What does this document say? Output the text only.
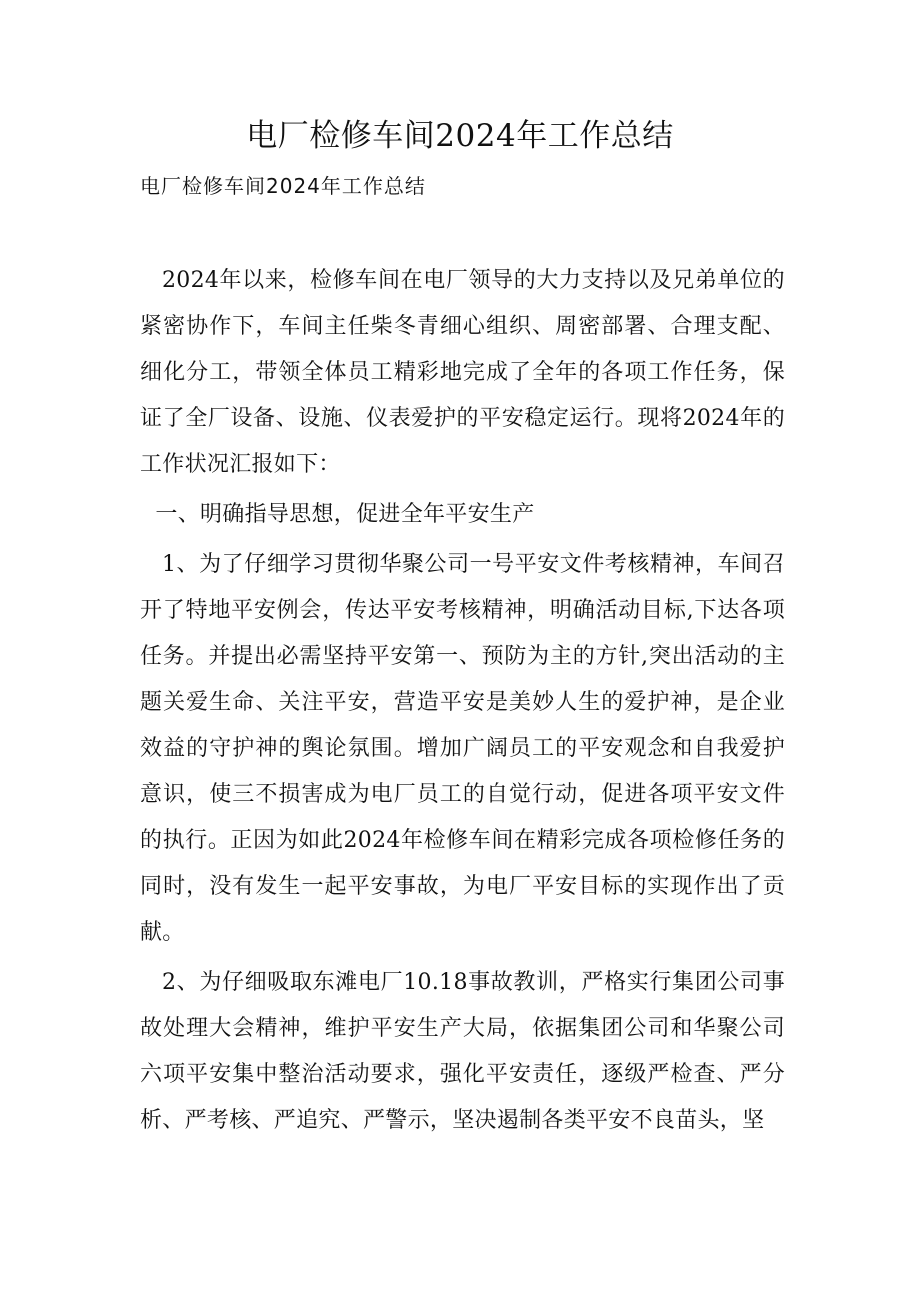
电厂检修车间2024年工作总结
电厂检修车间2024年工作总结

2024年以来，检修车间在电厂领导的大力支持以及兄弟单位的紧密协作下，车间主任柴冬青细心组织、周密部署、合理支配、细化分工，带领全体员工精彩地完成了全年的各项工作任务，保证了全厂设备、设施、仪表爱护的平安稳定运行。现将2024年的工作状况汇报如下：

一、明确指导思想，促进全年平安生产

1、为了仔细学习贯彻华聚公司一号平安文件考核精神，车间召开了特地平安例会，传达平安考核精神，明确活动目标,下达各项任务。并提出必需坚持平安第一、预防为主的方针,突出活动的主题关爱生命、关注平安，营造平安是美妙人生的爱护神，是企业效益的守护神的舆论氛围。增加广阔员工的平安观念和自我爱护意识，使三不损害成为电厂员工的自觉行动，促进各项平安文件的执行。正因为如此2024年检修车间在精彩完成各项检修任务的同时，没有发生一起平安事故，为电厂平安目标的实现作出了贡献。

2、为仔细吸取东滩电厂10.18事故教训，严格实行集团公司事故处理大会精神，维护平安生产大局，依据集团公司和华聚公司六项平安集中整治活动要求，强化平安责任，逐级严检查、严分析、严考核、严追究、严警示，坚决遏制各类平安不良苗头，坚
